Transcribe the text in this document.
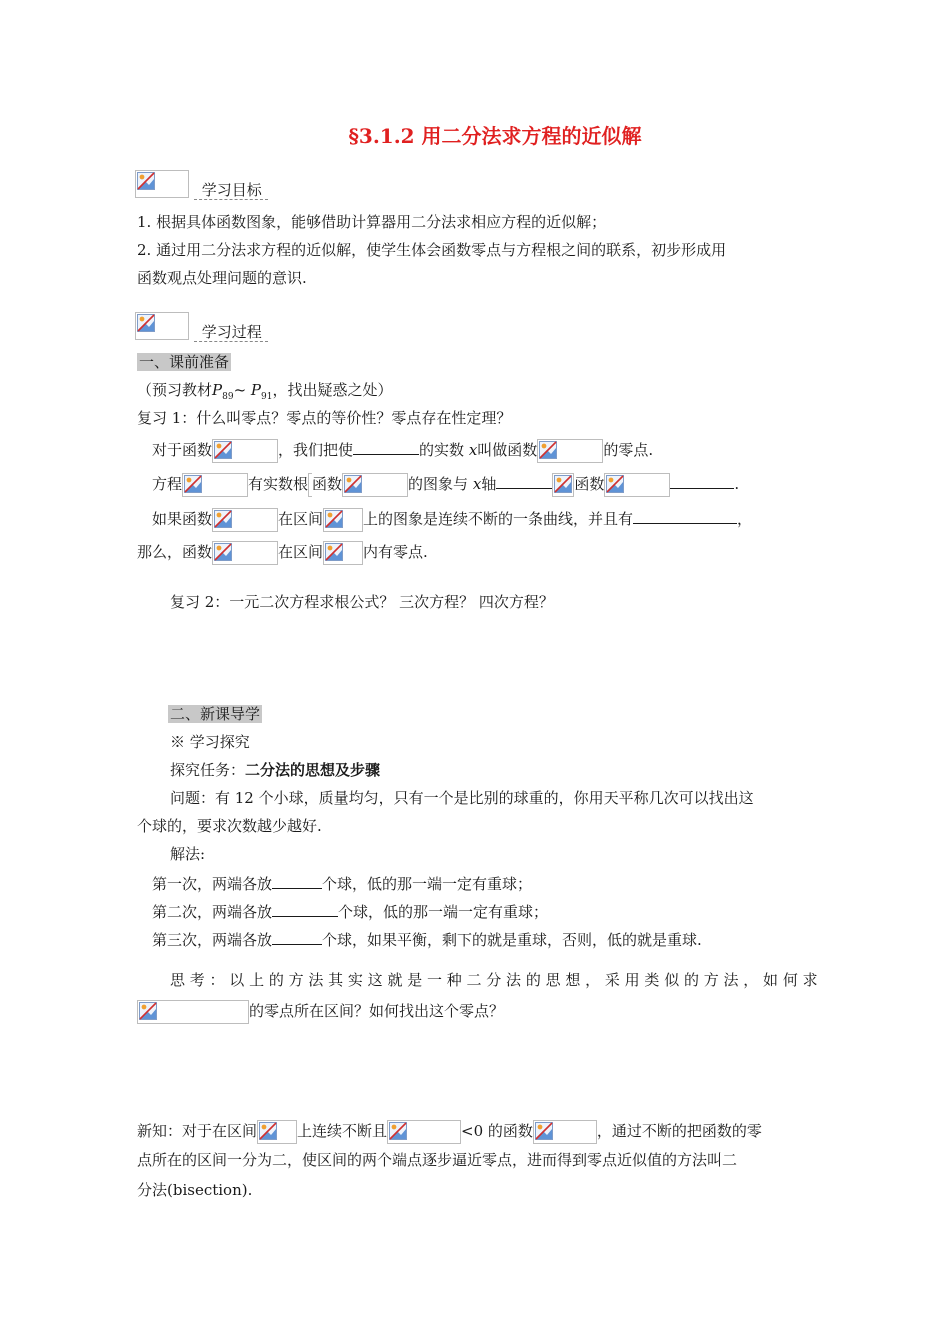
§3.1.2 用二分法求方程的近似解
学习目标
1. 根据具体函数图象，能够借助计算器用二分法求相应方程的近似解；
2. 通过用二分法求方程的近似解，使学生体会函数零点与方程根之间的联系，初步形成用
函数观点处理问题的意识.
学习过程
一、课前准备
（预习教材$P_{89}\sim$ $P_{91}$，找出疑惑之处）
复习 1：什么叫零点？零点的等价性？零点存在性定理？
对于函数	，我们把使	的实数 x叫做函数	的零点.
方程	有实数根 函数	的图象与 x轴	函数	.
如果函数	在区间	上的图象是连续不断的一条曲线，并且有	，
那么，函数	在区间	内有零点.
复习 2：一元二次方程求根公式？ 三次方程？ 四次方程？
二、新课导学
※ 学习探究
探究任务：二分法的思想及步骤
问题：有 12 个小球，质量均匀，只有一个是比别的球重的，你用天平称几次可以找出这
个球的，要求次数越少越好.
解法:
第一次，两端各放	个球，低的那一端一定有重球；
第二次，两端各放	个球，低的那一端一定有重球；
第三次，两端各放	个球，如果平衡，剩下的就是重球，否则，低的就是重球.
思 考 ： 以 上 的 方 法 其 实 这 就 是 一 种 二 分 法 的 思 想 ， 采 用 类 似 的 方 法 ， 如 何 求
的零点所在区间？如何找出这个零点？
新知：对于在区间	上连续不断且	<0 的函数	，通过不断的把函数的零
点所在的区间一分为二，使区间的两个端点逐步逼近零点，进而得到零点近似值的方法叫二
分法(bisection).
